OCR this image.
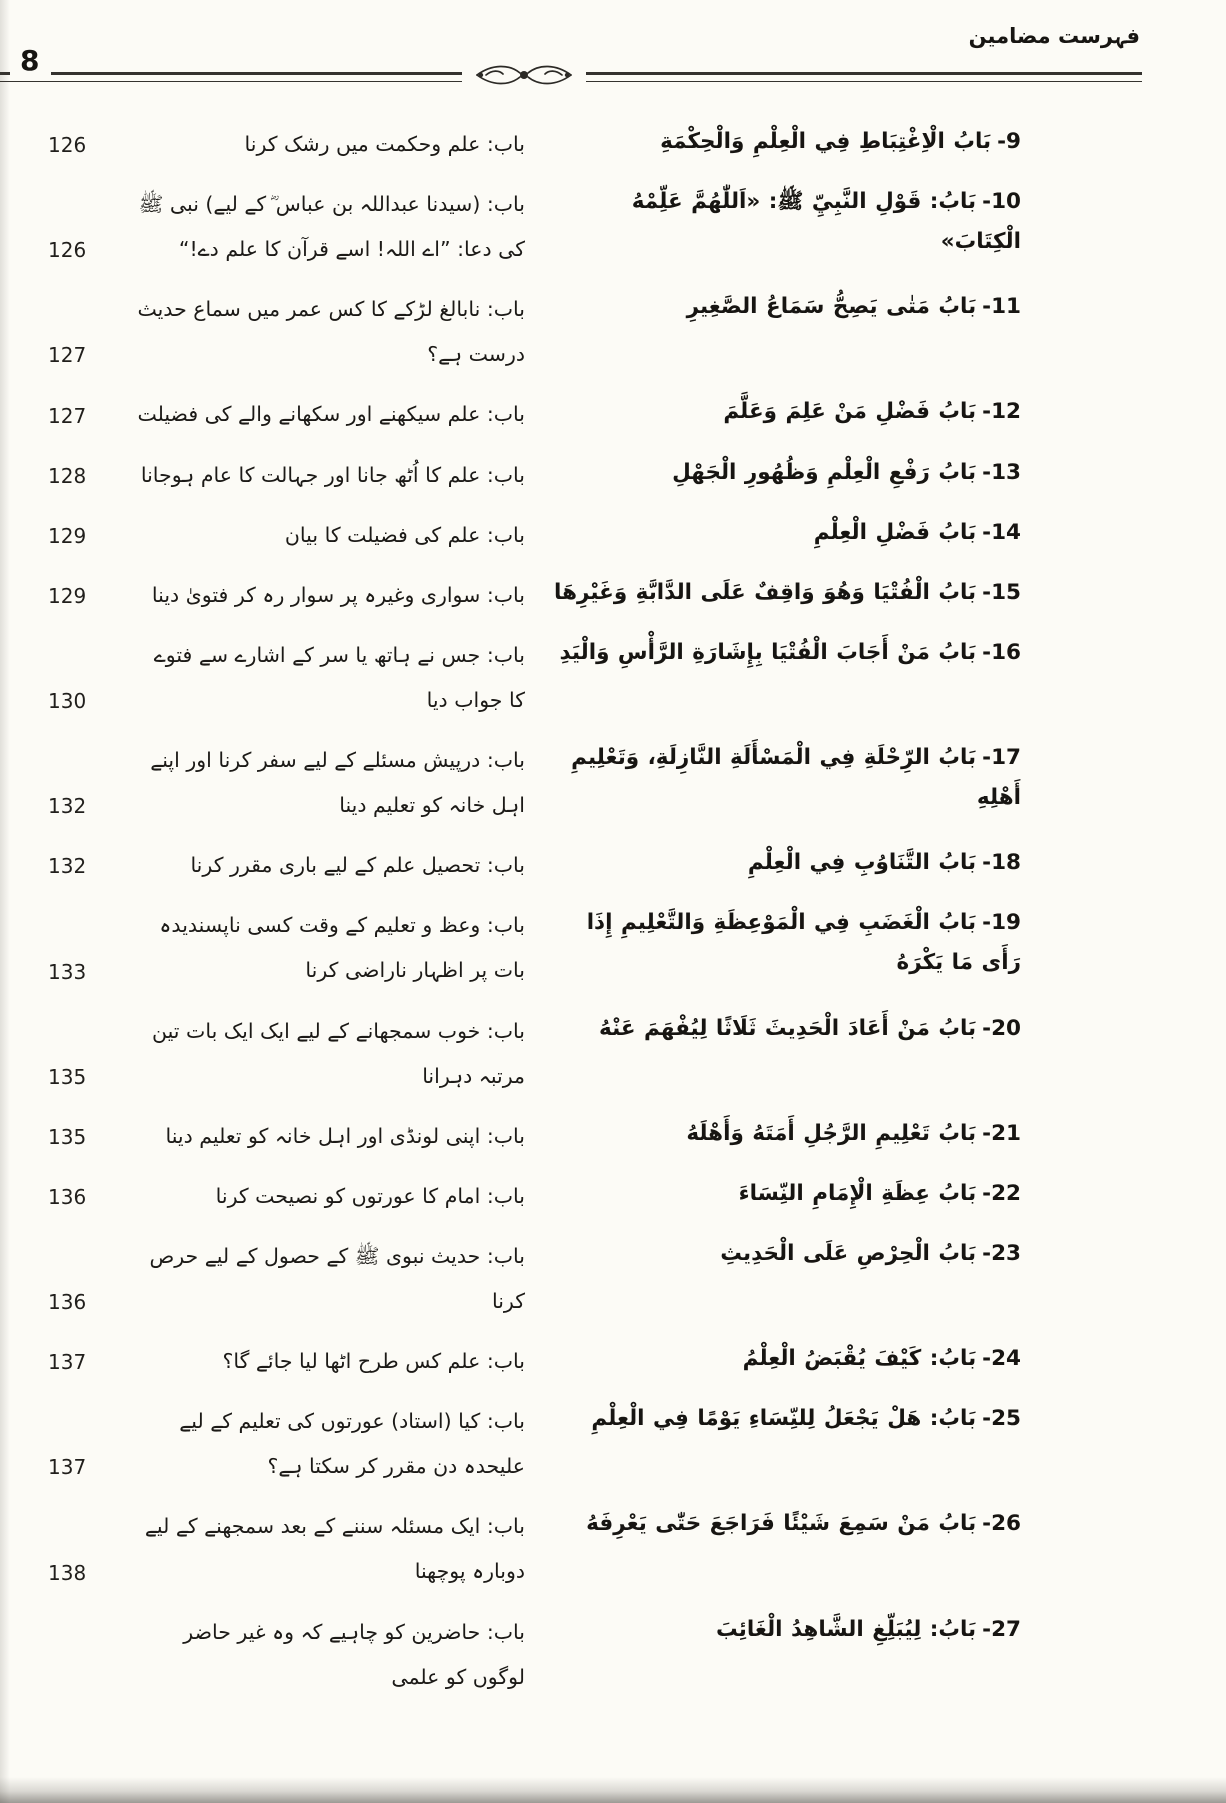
فہرست مضامین
8
9-بَابُ الْاِغْتِبَاطِ فِي الْعِلْمِ وَالْحِكْمَةِ
باب: علم وحکمت میں رشک کرنا
126
10-بَابُ: قَوْلِ النَّبِيِّ ﷺ: «اَللّٰهُمَّ عَلِّمْهُ الْكِتَابَ»
باب: (سیدنا عبداللہ بن عباس ؓ کے لیے) نبی ﷺ کی دعا: ”اے اللہ! اسے قرآن کا علم دے!“
126
11-بَابُ مَتٰى يَصِحُّ سَمَاعُ الصَّغِيرِ
باب: نابالغ لڑکے کا کس عمر میں سماع حدیث درست ہے؟
127
12-بَابُ فَضْلِ مَنْ عَلِمَ وَعَلَّمَ
باب: علم سیکھنے اور سکھانے والے کی فضیلت
127
13-بَابُ رَفْعِ الْعِلْمِ وَظُهُورِ الْجَهْلِ
باب: علم کا اُٹھ جانا اور جہالت کا عام ہوجانا
128
14-بَابُ فَضْلِ الْعِلْمِ
باب: علم کی فضیلت کا بیان
129
15-بَابُ الْفُتْيَا وَهُوَ وَاقِفٌ عَلَى الدَّابَّةِ وَغَيْرِهَا
باب: سواری وغیرہ پر سوار رہ کر فتویٰ دینا
129
16-بَابُ مَنْ أَجَابَ الْفُتْيَا بِإِشَارَةِ الرَّأْسِ وَالْيَدِ
باب: جس نے ہاتھ یا سر کے اشارے سے فتوے کا جواب دیا
130
17-بَابُ الرِّحْلَةِ فِي الْمَسْأَلَةِ النَّازِلَةِ، وَتَعْلِيمِ أَهْلِهِ
باب: درپیش مسئلے کے لیے سفر کرنا اور اپنے اہل خانہ کو تعلیم دینا
132
18-بَابُ التَّنَاوُبِ فِي الْعِلْمِ
باب: تحصیل علم کے لیے باری مقرر کرنا
132
19-بَابُ الْغَضَبِ فِي الْمَوْعِظَةِ وَالتَّعْلِيمِ إِذَا رَأَى مَا يَكْرَهُ
باب: وعظ و تعلیم کے وقت کسی ناپسندیدہ بات پر اظہار ناراضی کرنا
133
20-بَابُ مَنْ أَعَادَ الْحَدِيثَ ثَلَاثًا لِيُفْهَمَ عَنْهُ
باب: خوب سمجھانے کے لیے ایک ایک بات تین مرتبہ دہرانا
135
21-بَابُ تَعْلِيمِ الرَّجُلِ أَمَتَهُ وَأَهْلَهُ
باب: اپنی لونڈی اور اہل خانہ کو تعلیم دینا
135
22-بَابُ عِظَةِ الْإِمَامِ النِّسَاءَ
باب: امام کا عورتوں کو نصیحت کرنا
136
23-بَابُ الْحِرْصِ عَلَى الْحَدِيثِ
باب: حدیث نبوی ﷺ کے حصول کے لیے حرص کرنا
136
24-بَابُ: كَيْفَ يُقْبَضُ الْعِلْمُ
باب: علم کس طرح اٹھا لیا جائے گا؟
137
25-بَابُ: هَلْ يَجْعَلُ لِلنِّسَاءِ يَوْمًا فِي الْعِلْمِ
باب: کیا (استاد) عورتوں کی تعلیم کے لیے علیحدہ دن مقرر کر سکتا ہے؟
137
26-بَابُ مَنْ سَمِعَ شَيْئًا فَرَاجَعَ حَتّٰى يَعْرِفَهُ
باب: ایک مسئلہ سننے کے بعد سمجھنے کے لیے دوبارہ پوچھنا
138
27-بَابُ: لِيُبَلِّغِ الشَّاهِدُ الْغَائِبَ
باب: حاضرین کو چاہیے کہ وہ غیر حاضر لوگوں کو علمی
